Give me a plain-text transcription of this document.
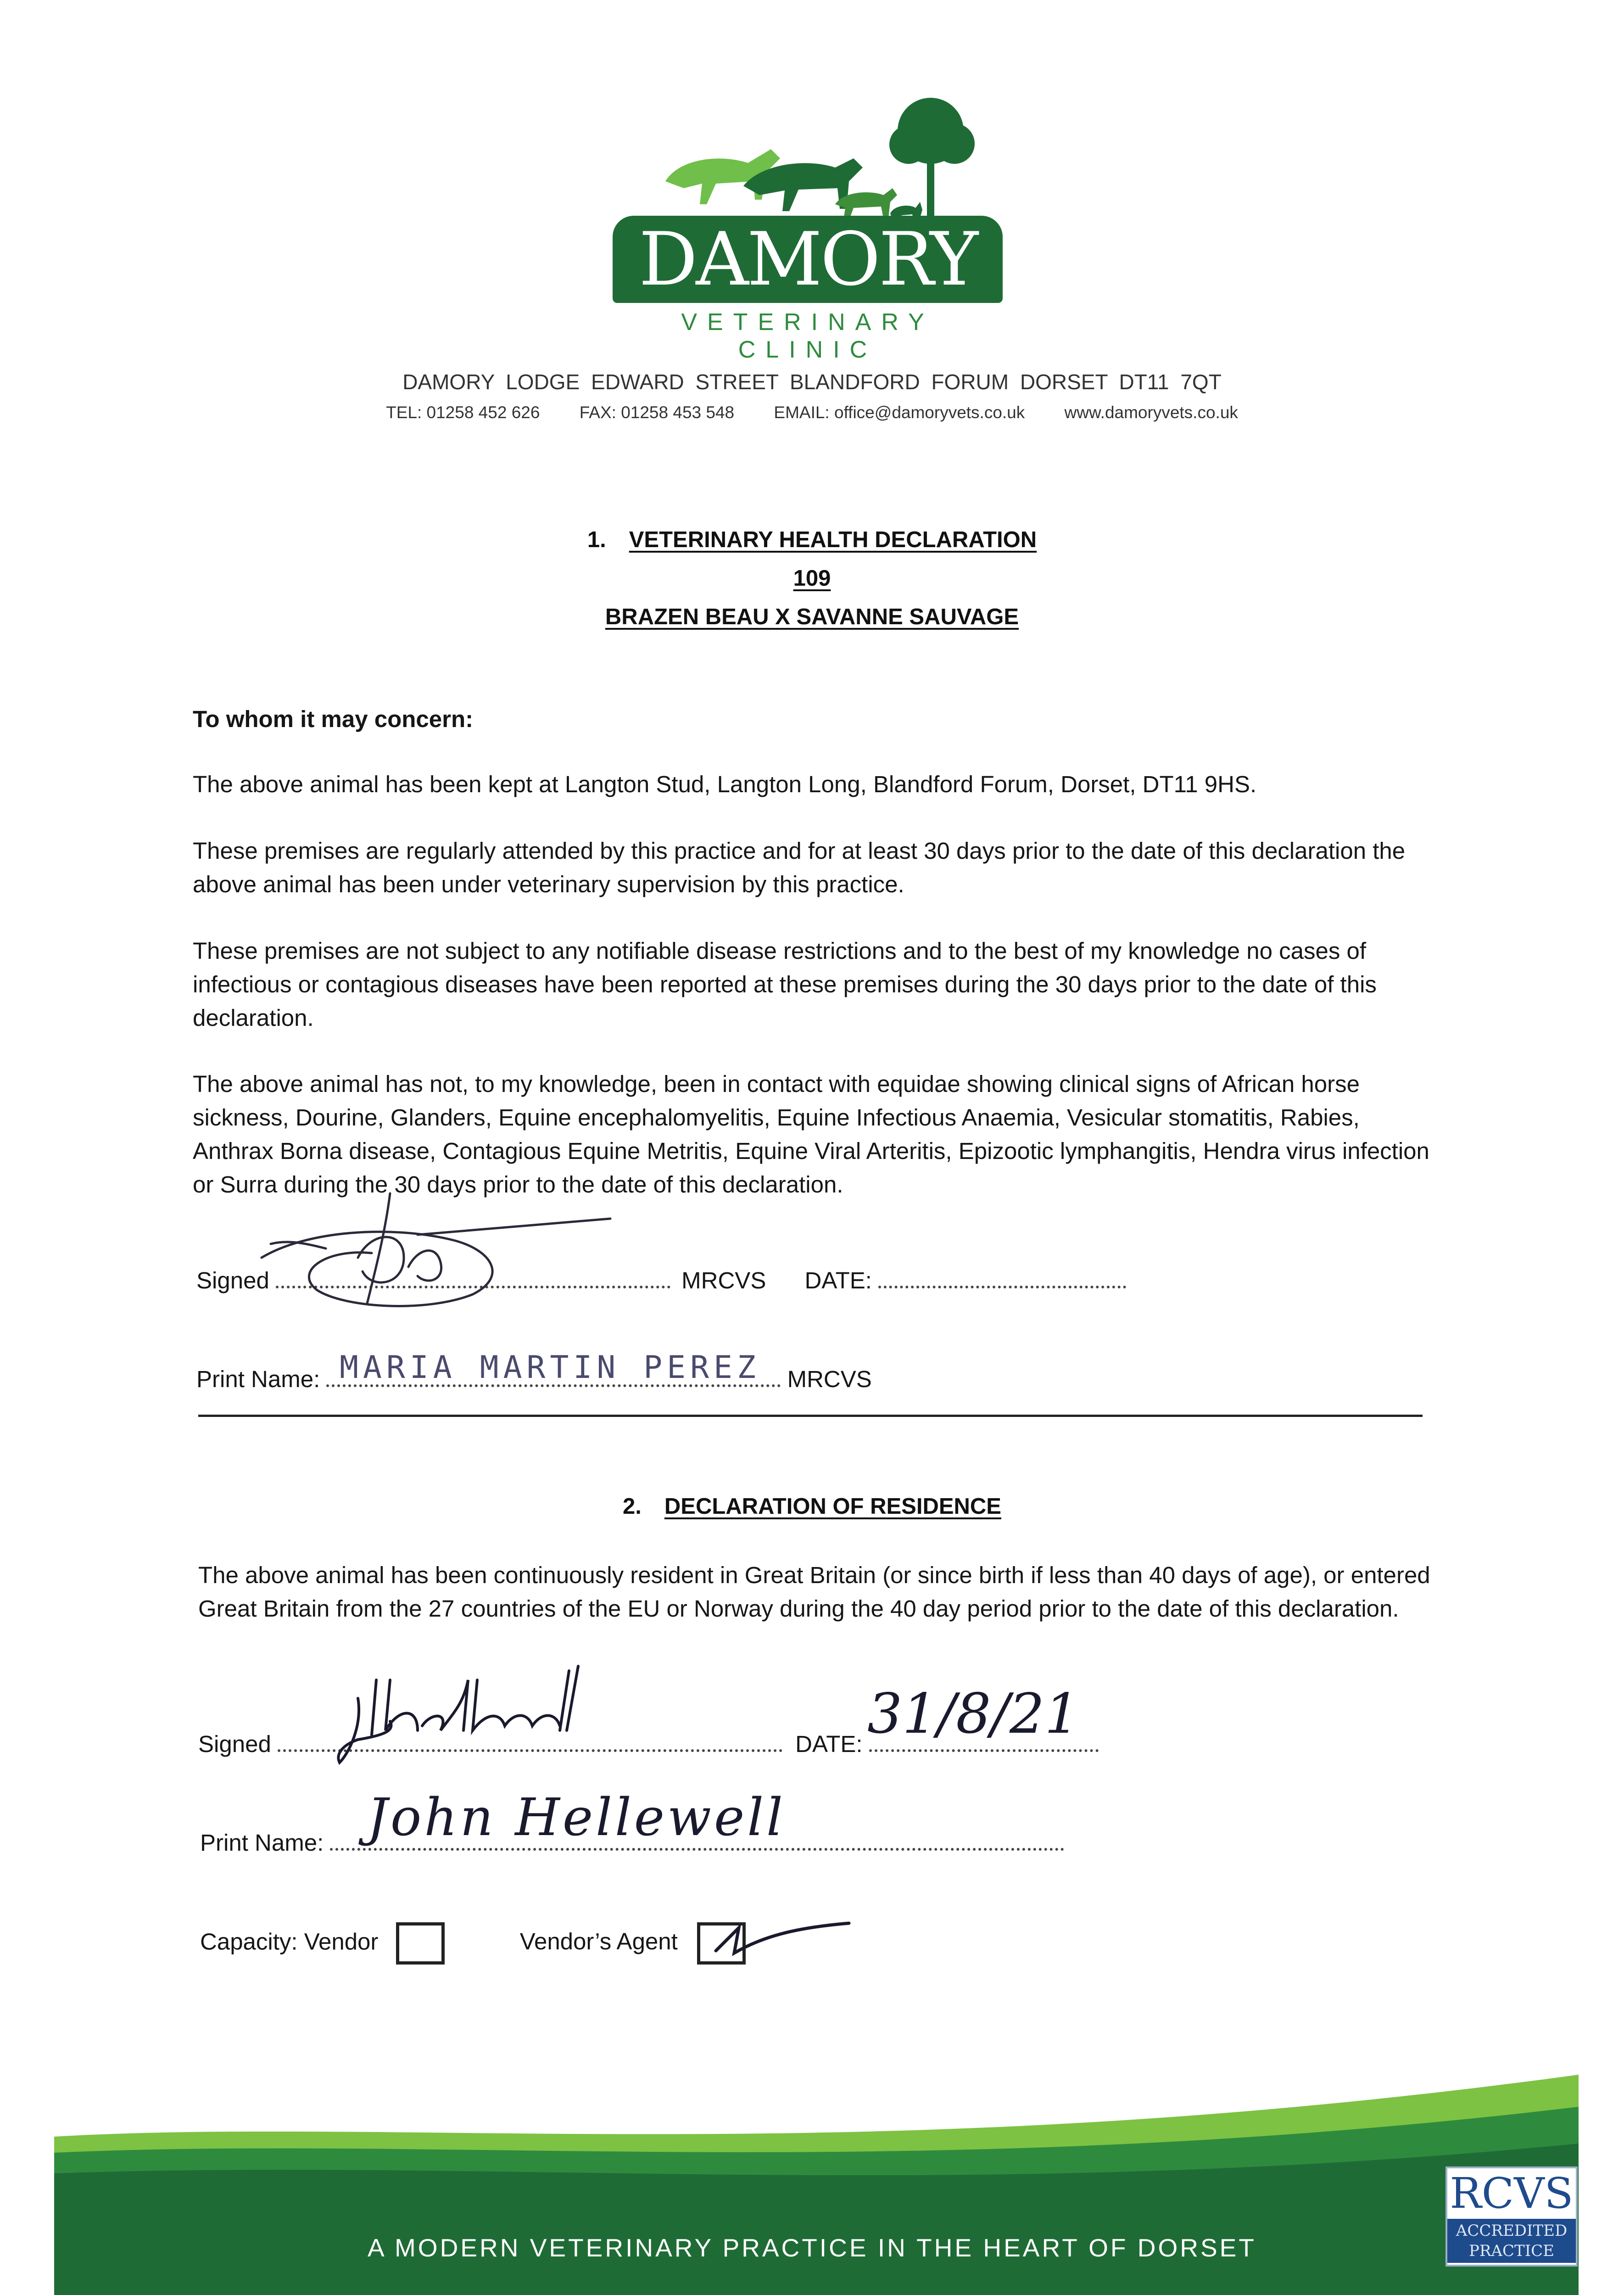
DAMORY
VETERINARY CLINIC
DAMORY LODGE EDWARD STREET BLANDFORD FORUM DORSET DT11 7QT
TEL: 01258 452 626 FAX: 01258 453 548 EMAIL: office@damoryvets.co.uk www.damoryvets.co.uk
1. VETERINARY HEALTH DECLARATION
109
BRAZEN BEAU X SAVANNE SAUVAGE
To whom it may concern:
The above animal has been kept at Langton Stud, Langton Long, Blandford Forum, Dorset, DT11 9HS.
These premises are regularly attended by this practice and for at least 30 days prior to the date of this declaration the above animal has been under veterinary supervision by this practice.
These premises are not subject to any notifiable disease restrictions and to the best of my knowledge no cases of infectious or contagious diseases have been reported at these premises during the 30 days prior to the date of this declaration.
The above animal has not, to my knowledge, been in contact with equidae showing clinical signs of African horse sickness, Dourine, Glanders, Equine encephalomyelitis, Equine Infectious Anaemia, Vesicular stomatitis, Rabies, Anthrax Borna disease, Contagious Equine Metritis, Equine Viral Arteritis, Epizootic lymphangitis, Hendra virus infection or Surra during the 30 days prior to the date of this declaration.
Signed	MRCVS DATE:
Print Name:	MRCVS
MARIA MARTIN PEREZ
2. DECLARATION OF RESIDENCE
The above animal has been continuously resident in Great Britain (or since birth if less than 40 days of age), or entered Great Britain from the 27 countries of the EU or Norway during the 40 day period prior to the date of this declaration.
Signed	DATE: 31/8/21
Print Name: John Hellewell
Capacity: Vendor	Vendor’s Agent
A MODERN VETERINARY PRACTICE IN THE HEART OF DORSET
RCVS
ACCREDITED
PRACTICE
